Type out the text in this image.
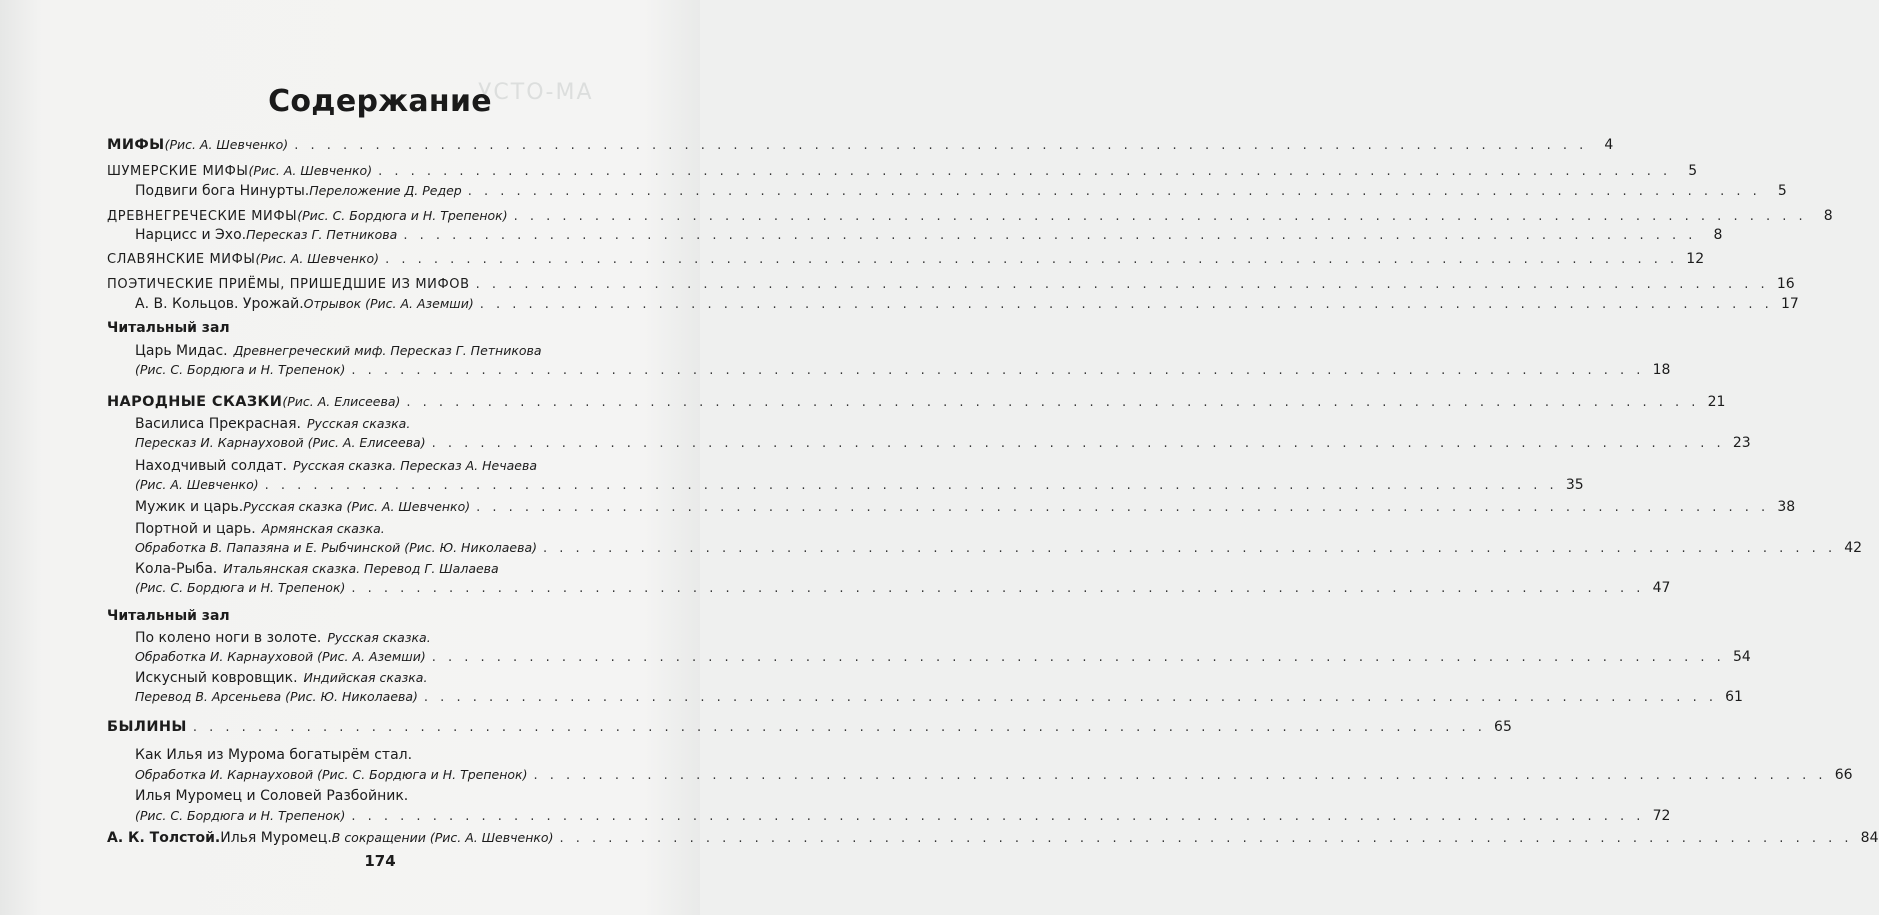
УСТО-МА
Содержание
МИФЫ (Рис. А. Шевченко) . . . . . . . . . . . . . . . . . . . . . . . . . . . . . . . . . . . . . . . . . . . . . . . . . . . . . . . . . . . . . . . . . . . . . . . . . . . . . . . .	4
ШУМЕРСКИЕ МИФЫ (Рис. А. Шевченко) . . . . . . . . . . . . . . . . . . . . . . . . . . . . . . . . . . . . . . . . . . . . . . . . . . . . . . . . . . . . . . . . . . . . . . . . . . . . . . . .	5
Подвиги бога Нинурты. Переложение Д. Редер . . . . . . . . . . . . . . . . . . . . . . . . . . . . . . . . . . . . . . . . . . . . . . . . . . . . . . . . . . . . . . . . . . . . . . . . . . . . . . . .	5
ДРЕВНЕГРЕЧЕСКИЕ МИФЫ (Рис. С. Бордюга и Н. Трепенок) . . . . . . . . . . . . . . . . . . . . . . . . . . . . . . . . . . . . . . . . . . . . . . . . . . . . . . . . . . . . . . . . . . . . . . . . . . . . . . . .	8
Нарцисс и Эхо. Пересказ Г. Петникова . . . . . . . . . . . . . . . . . . . . . . . . . . . . . . . . . . . . . . . . . . . . . . . . . . . . . . . . . . . . . . . . . . . . . . . . . . . . . . . .	8
СЛАВЯНСКИЕ МИФЫ (Рис. А. Шевченко) . . . . . . . . . . . . . . . . . . . . . . . . . . . . . . . . . . . . . . . . . . . . . . . . . . . . . . . . . . . . . . . . . . . . . . . . . . . . . . . . 12
ПОЭТИЧЕСКИЕ ПРИЁМЫ, ПРИШЕДШИЕ ИЗ МИФОВ . . . . . . . . . . . . . . . . . . . . . . . . . . . . . . . . . . . . . . . . . . . . . . . . . . . . . . . . . . . . . . . . . . . . . . . . . . . . . . . . 16
А. В. Кольцов. Урожай. Отрывок (Рис. А. Аземши) . . . . . . . . . . . . . . . . . . . . . . . . . . . . . . . . . . . . . . . . . . . . . . . . . . . . . . . . . . . . . . . . . . . . . . . . . . . . . . . . 17
Читальный зал
Царь Мидас. Древнегреческий миф. Пересказ Г. Петникова
(Рис. С. Бордюга и Н. Трепенок) . . . . . . . . . . . . . . . . . . . . . . . . . . . . . . . . . . . . . . . . . . . . . . . . . . . . . . . . . . . . . . . . . . . . . . . . . . . . . . . . 18
НАРОДНЫЕ СКАЗКИ (Рис. А. Елисеева) . . . . . . . . . . . . . . . . . . . . . . . . . . . . . . . . . . . . . . . . . . . . . . . . . . . . . . . . . . . . . . . . . . . . . . . . . . . . . . . . 21
Василиса Прекрасная. Русская сказка.
Пересказ И. Карнауховой (Рис. А. Елисеева) . . . . . . . . . . . . . . . . . . . . . . . . . . . . . . . . . . . . . . . . . . . . . . . . . . . . . . . . . . . . . . . . . . . . . . . . . . . . . . . . 23
Находчивый солдат. Русская сказка. Пересказ А. Нечаева
(Рис. А. Шевченко) . . . . . . . . . . . . . . . . . . . . . . . . . . . . . . . . . . . . . . . . . . . . . . . . . . . . . . . . . . . . . . . . . . . . . . . . . . . . . . . . 35
Мужик и царь. Русская сказка (Рис. А. Шевченко) . . . . . . . . . . . . . . . . . . . . . . . . . . . . . . . . . . . . . . . . . . . . . . . . . . . . . . . . . . . . . . . . . . . . . . . . . . . . . . . . 38
Портной и царь. Армянская сказка.
Обработка В. Папазяна и Е. Рыбчинской (Рис. Ю. Николаева) . . . . . . . . . . . . . . . . . . . . . . . . . . . . . . . . . . . . . . . . . . . . . . . . . . . . . . . . . . . . . . . . . . . . . . . . . . . . . . . . 42
Кола-Рыба. Итальянская сказка. Перевод Г. Шалаева
(Рис. С. Бордюга и Н. Трепенок) . . . . . . . . . . . . . . . . . . . . . . . . . . . . . . . . . . . . . . . . . . . . . . . . . . . . . . . . . . . . . . . . . . . . . . . . . . . . . . . . 47
Читальный зал
По колено ноги в золоте. Русская сказка.
Обработка И. Карнауховой (Рис. А. Аземши) . . . . . . . . . . . . . . . . . . . . . . . . . . . . . . . . . . . . . . . . . . . . . . . . . . . . . . . . . . . . . . . . . . . . . . . . . . . . . . . . 54
Искусный ковровщик. Индийская сказка.
Перевод В. Арсеньева (Рис. Ю. Николаева) . . . . . . . . . . . . . . . . . . . . . . . . . . . . . . . . . . . . . . . . . . . . . . . . . . . . . . . . . . . . . . . . . . . . . . . . . . . . . . . . 61
БЫЛИНЫ . . . . . . . . . . . . . . . . . . . . . . . . . . . . . . . . . . . . . . . . . . . . . . . . . . . . . . . . . . . . . . . . . . . . . . . . . . . . . . . . 65
Как Илья из Мурома богатырём стал.
Обработка И. Карнауховой (Рис. С. Бордюга и Н. Трепенок) . . . . . . . . . . . . . . . . . . . . . . . . . . . . . . . . . . . . . . . . . . . . . . . . . . . . . . . . . . . . . . . . . . . . . . . . . . . . . . . . 66
Илья Муромец и Соловей Разбойник.
(Рис. С. Бордюга и Н. Трепенок) . . . . . . . . . . . . . . . . . . . . . . . . . . . . . . . . . . . . . . . . . . . . . . . . . . . . . . . . . . . . . . . . . . . . . . . . . . . . . . . . 72
А. К. Толстой. Илья Муромец. В сокращении (Рис. А. Шевченко) . . . . . . . . . . . . . . . . . . . . . . . . . . . . . . . . . . . . . . . . . . . . . . . . . . . . . . . . . . . . . . . . . . . . . . . . . . . . . . . . 84
174
